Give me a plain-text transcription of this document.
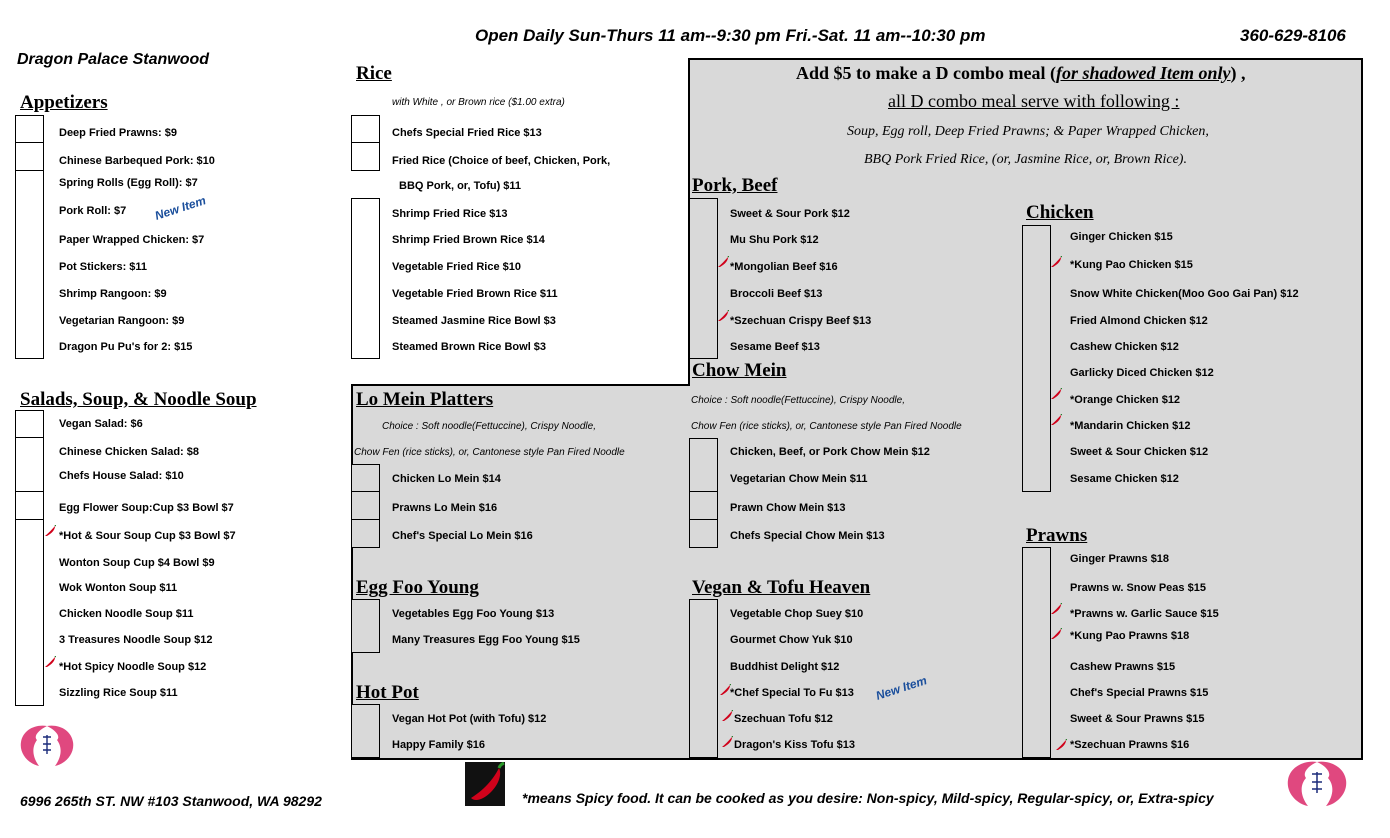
Open Daily Sun-Thurs 11 am--9:30 pm Fri.-Sat. 11 am--10:30 pm	360-629-8106
Dragon Palace Stanwood
Add $5 to make a D combo meal (for shadowed Item only) ,
all D combo meal serve with following :
Soup, Egg roll, Deep Fried Prawns; & Paper Wrapped Chicken,
BBQ Pork Fried Rice, (or, Jasmine Rice, or, Brown Rice).
Appetizers
Salads, Soup, & Noodle Soup
Rice
Lo Mein Platters
Egg Foo Young
Hot Pot
Pork, Beef
Chow Mein
Vegan & Tofu Heaven
Chicken
Prawns
with White , or Brown rice ($1.00 extra)
Choice : Soft noodle(Fettuccine), Crispy Noodle,
Chow Fen (rice sticks), or, Cantonese style Pan Fired Noodle
Choice : Soft noodle(Fettuccine), Crispy Noodle,
Chow Fen (rice sticks), or, Cantonese style Pan Fired Noodle
Deep Fried Prawns: $9
Chinese Barbequed Pork: $10
Spring Rolls (Egg Roll): $7
Pork Roll: $7
Paper Wrapped Chicken: $7
Pot Stickers: $11
Shrimp Rangoon: $9
Vegetarian Rangoon: $9
Dragon Pu Pu's for 2: $15
New Item
Vegan Salad: $6
Chinese Chicken Salad: $8
Chefs House Salad: $10
Egg Flower Soup:Cup $3 Bowl $7
*Hot & Sour Soup Cup $3 Bowl $7
Wonton Soup Cup $4 Bowl $9
Wok Wonton Soup $11
Chicken Noodle Soup $11
3 Treasures Noodle Soup $12
*Hot Spicy Noodle Soup $12
Sizzling Rice Soup $11
Chefs Special Fried Rice $13
Fried Rice (Choice of beef, Chicken, Pork,
BBQ Pork, or, Tofu) $11
Shrimp Fried Rice $13
Shrimp Fried Brown Rice $14
Vegetable Fried Rice $10
Vegetable Fried Brown Rice $11
Steamed Jasmine Rice Bowl $3
Steamed Brown Rice Bowl $3
Chicken Lo Mein $14
Prawns Lo Mein $16
Chef's Special Lo Mein $16
Vegetables Egg Foo Young $13
Many Treasures Egg Foo Young $15
Vegan Hot Pot (with Tofu) $12
Happy Family $16
Sweet & Sour Pork $12
Mu Shu Pork $12
*Mongolian Beef $16
Broccoli Beef $13
*Szechuan Crispy Beef $13
Sesame Beef $13
Chicken, Beef, or Pork Chow Mein $12
Vegetarian Chow Mein $11
Prawn Chow Mein $13
Chefs Special Chow Mein $13
Vegetable Chop Suey $10
Gourmet Chow Yuk $10
Buddhist Delight $12
*Chef Special To Fu $13
Szechuan Tofu $12
Dragon's Kiss Tofu $13
New Item
Ginger Chicken $15
*Kung Pao Chicken $15
Snow White Chicken(Moo Goo Gai Pan) $12
Fried Almond Chicken $12
Cashew Chicken $12
Garlicky Diced Chicken $12
*Orange Chicken $12
*Mandarin Chicken $12
Sweet & Sour Chicken $12
Sesame Chicken $12
Ginger Prawns $18
Prawns w. Snow Peas $15
*Prawns w. Garlic Sauce $15
*Kung Pao Prawns $18
Cashew Prawns $15
Chef's Special Prawns $15
Sweet & Sour Prawns $15
*Szechuan Prawns $16
6996 265th ST. NW #103 Stanwood, WA 98292	*means Spicy food. It can be cooked as you desire: Non-spicy, Mild-spicy, Regular-spicy, or, Extra-spicy
